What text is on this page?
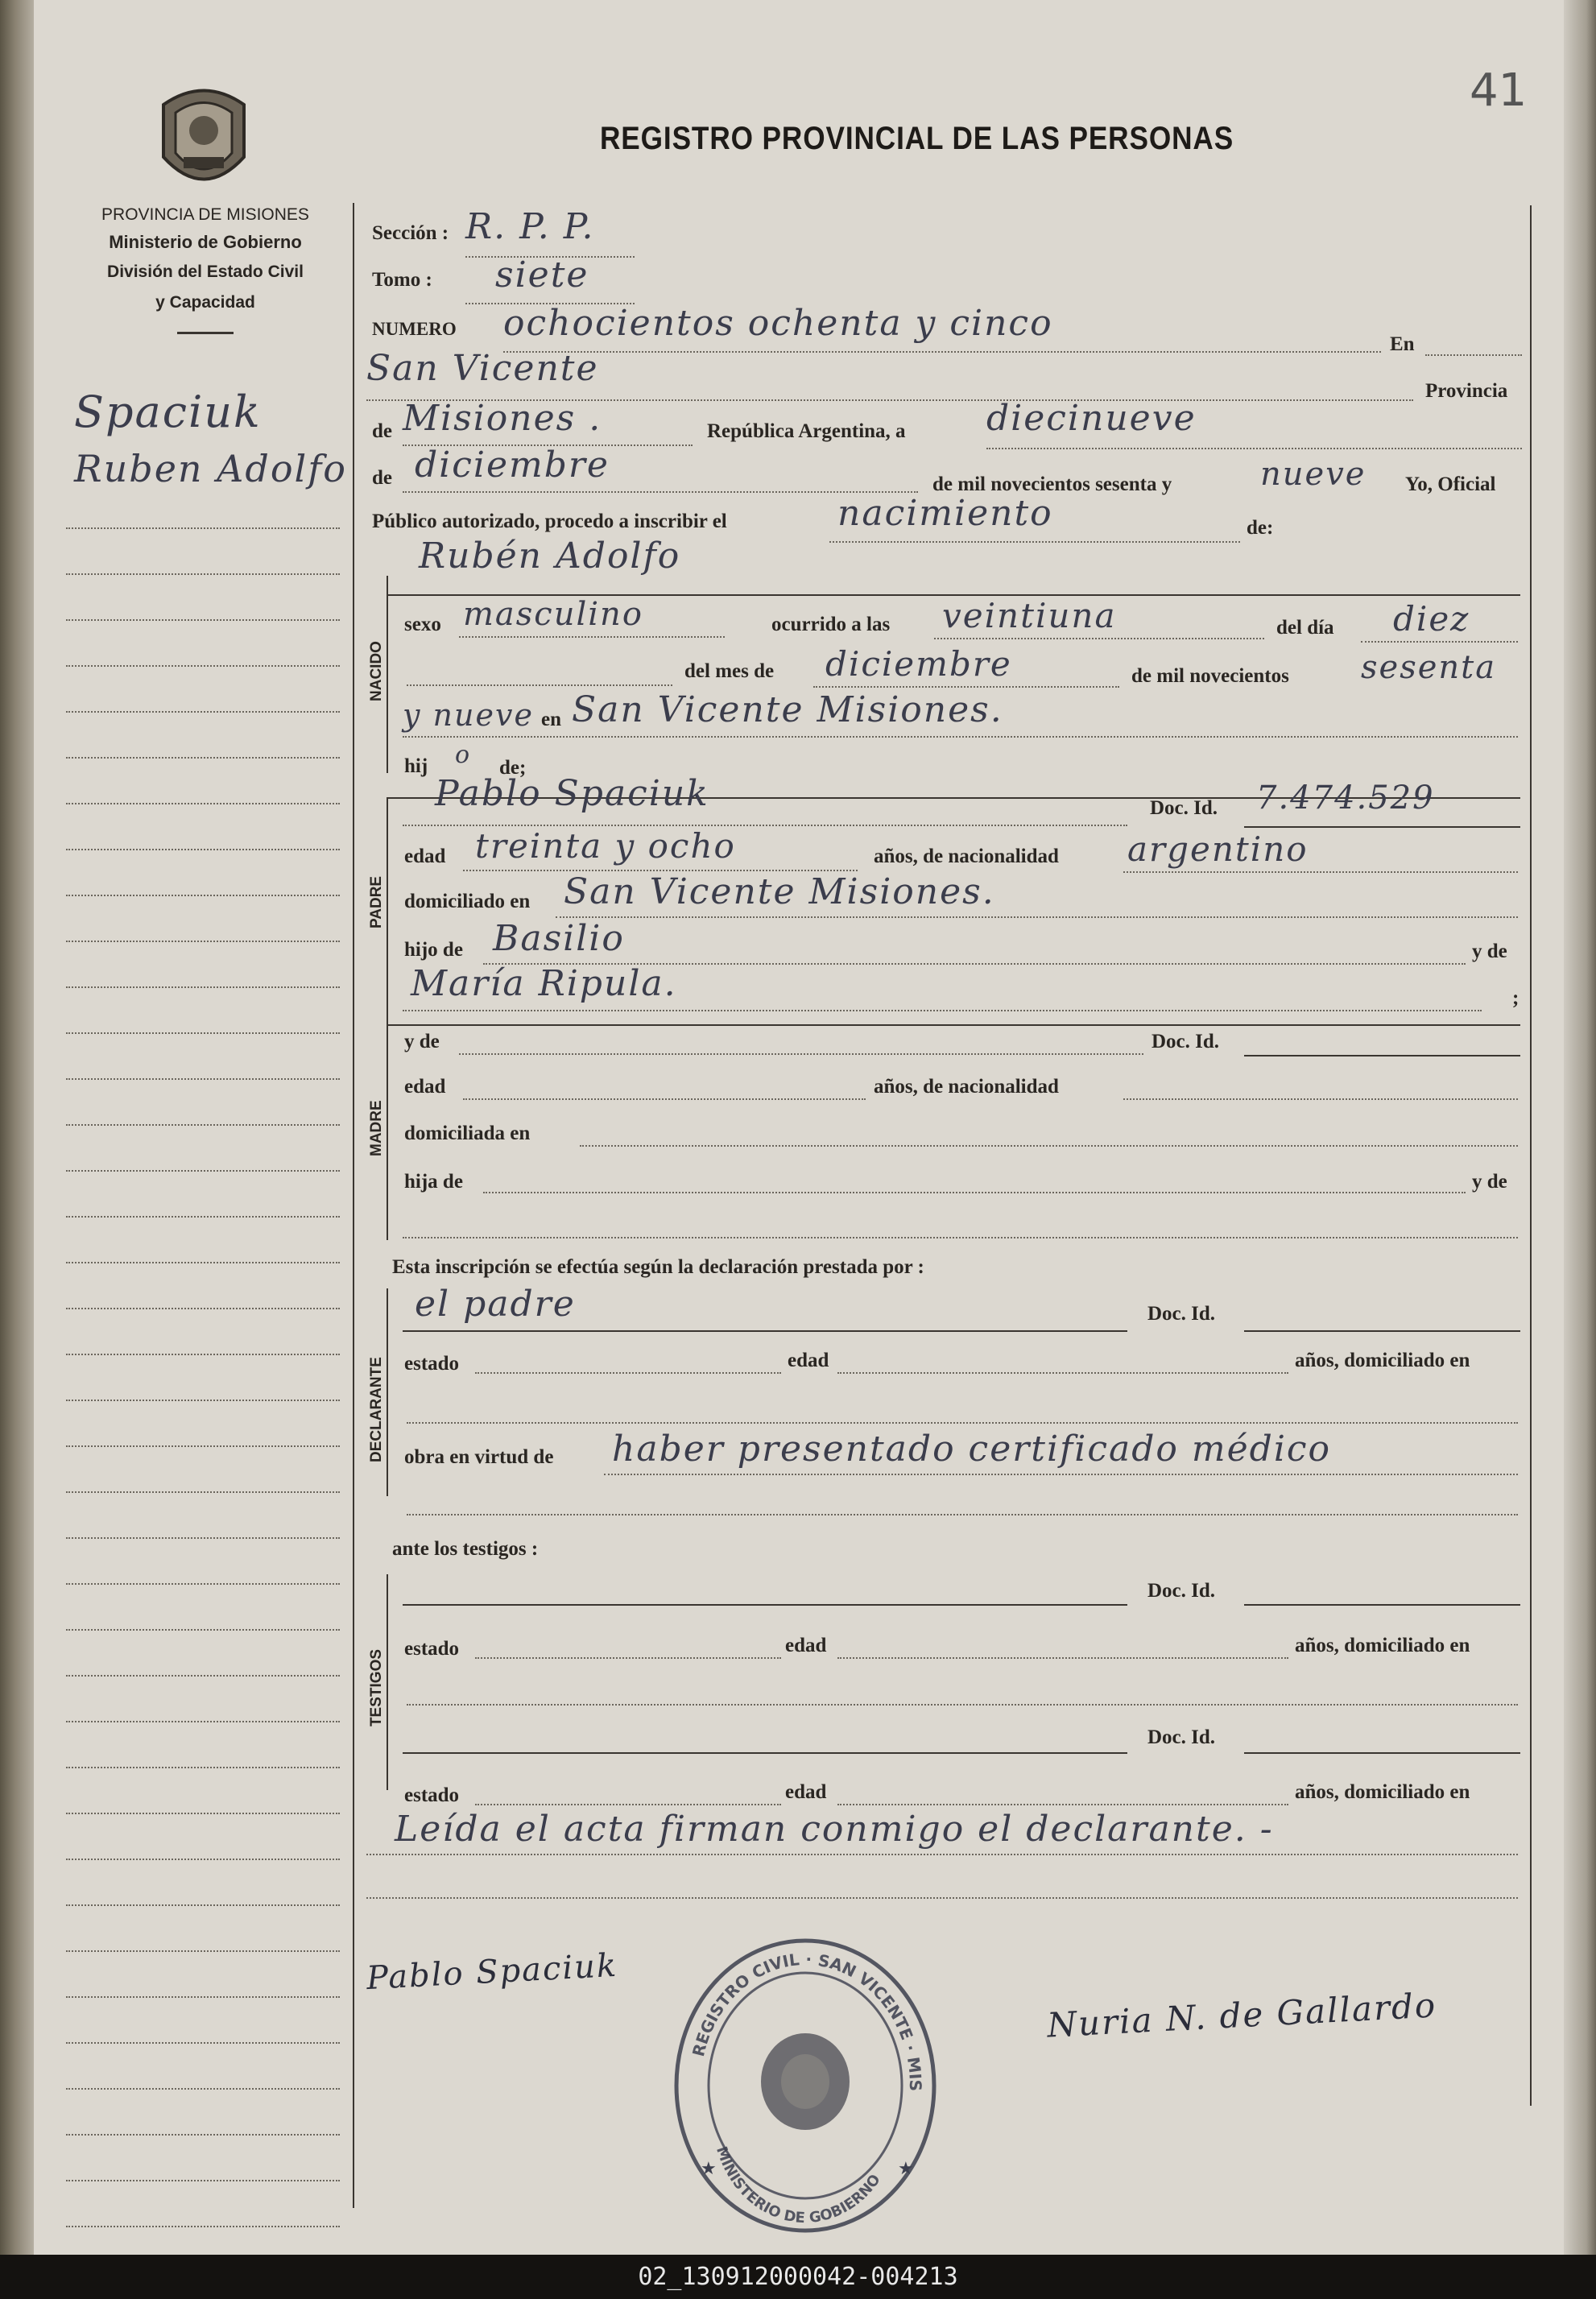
PROVINCIA DE MISIONES
Ministerio de Gobierno
División del Estado Civil
y Capacidad
REGISTRO PROVINCIAL DE LAS PERSONAS
41
Spaciuk
Ruben Adolfo
Sección : R. P. P.
Tomo : siete
NUMERO ochocientos ochenta y cinco
En
San Vicente
Provincia
de Misiones .	República Argentina, a diecinueve
de diciembre	de mil novecientos sesenta y	nueve Yo, Oficial
Público autorizado, procedo a inscribir el	nacimiento	de:
NACIDO
Rubén Adolfo
sexo masculino	ocurrido a las veintiuna	del día diez
del mes de diciembre	de mil novecientos sesenta
y nueve en San Vicente Misiones.
hij o de;
PADRE
Pablo Spaciuk	Doc. Id. 7.474.529
edad treinta y ocho	años, de nacionalidad argentino
domiciliado en San Vicente Misiones.
hijo de Basilio	y de
María Ripula.	;
MADRE
y de	Doc. Id.
edad	años, de nacionalidad
domiciliada en
hija de	y de
Esta inscripción se efectúa según la declaración prestada por :
DECLARANTE
el padre	Doc. Id.
estado	edad	años, domiciliado en
obra en virtud de haber presentado certificado médico
ante los testigos :
TESTIGOS
Doc. Id.
estado	edad	años, domiciliado en
Doc. Id.
estado	edad	años, domiciliado en
Leída el acta firman conmigo el declarante. -
Pablo Spaciuk
Nuria N. de Gallardo
REGISTRO CIVIL · SAN VICENTE · MIS
MINISTERIO DE GOBIERNO
★	★
02_130912000042-004213
